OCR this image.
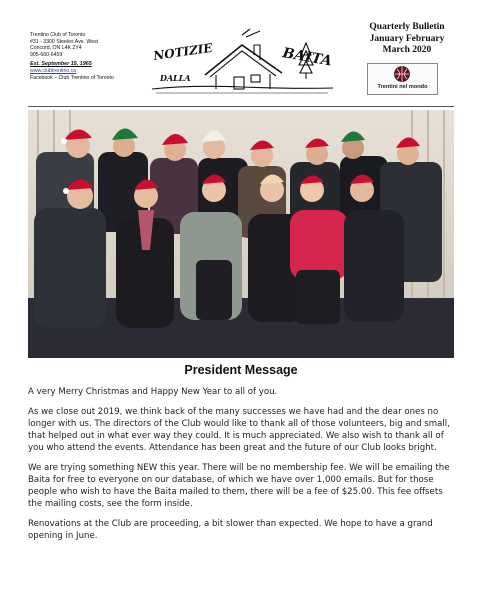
Trentino Club of Toronto
#31 - 3300 Steeles Ave. West
Concord, ON L4K 2Y4
905-660-6459
Est. September 15, 1965
www.clubtrentino.ca
Facebook – Club Trentino of Toronto
NOTIZIE
DALLA
BAITA
Quarterly Bulletin
January February
March 2020
Trentini nel mondo
President Message

A very Merry Christmas and Happy New Year to all of you.

As we close out 2019, we think back of the many successes we have had and the dear ones no longer with us. The directors of the Club would like to thank all of those volunteers, big and small, that helped out in what ever way they could. It is much appreciated. We also wish to thank all of you who attend the events. Attendance has been great and the future of our Club looks bright.

We are trying something NEW this year. There will be no membership fee. We will be emailing the Baita for free to everyone on our database, of which we have over 1,000 emails. But for those people who wish to have the Baita mailed to them, there will be a fee of $25.00. This fee offsets the mailing costs, see the form inside.

Renovations at the Club are proceeding, a bit slower than expected. We hope to have a grand opening in June.
